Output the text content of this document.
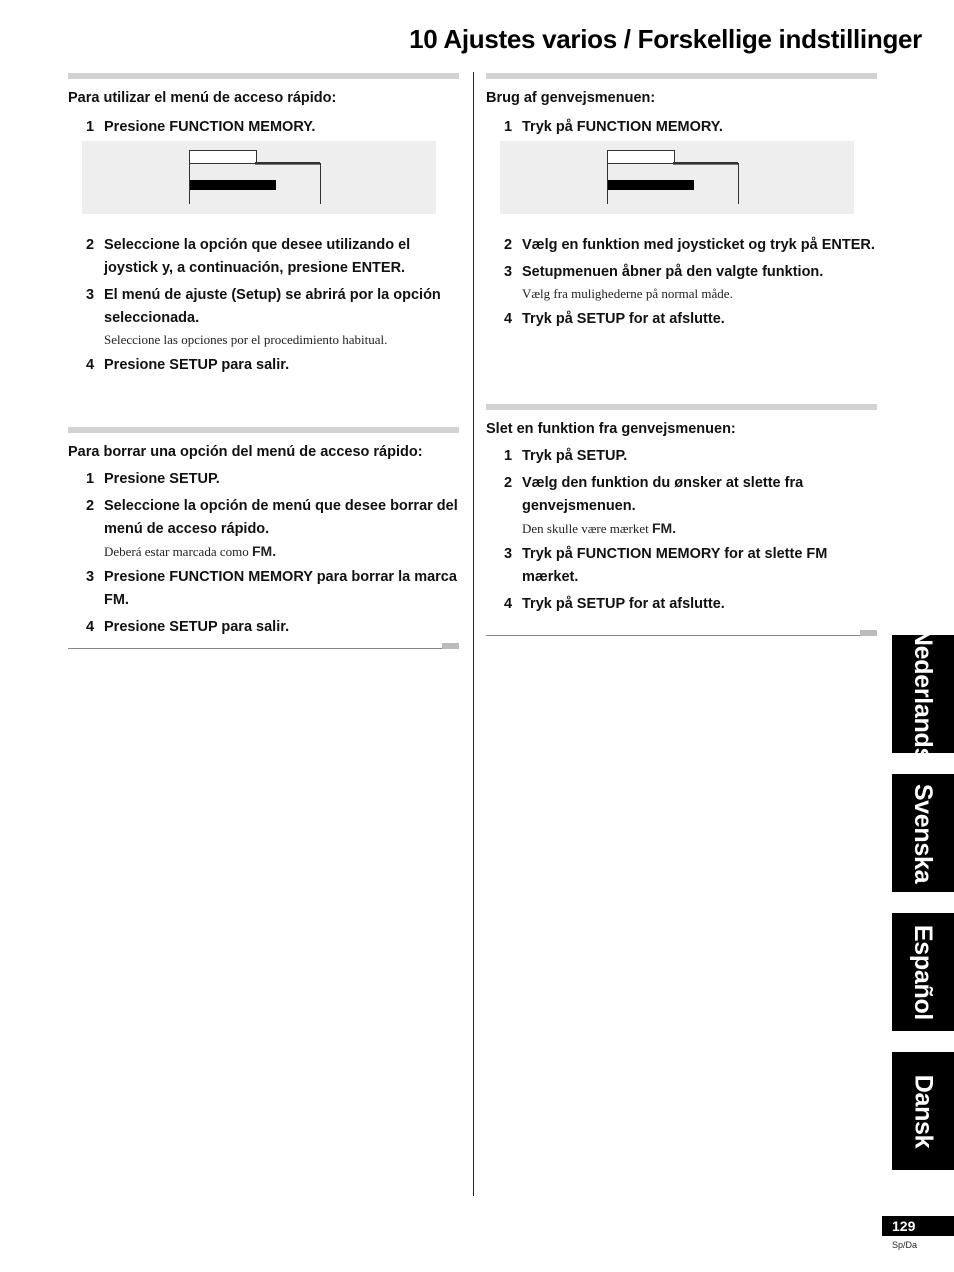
10 Ajustes varios / Forskellige indstillinger

Para utilizar el menú de acceso rápido:

1 Presione FUNCTION MEMORY.
2 Seleccione la opción que desee utilizando el joystick y, a continuación, presione ENTER.
3 El menú de ajuste (Setup) se abrirá por la opción seleccionada.
Seleccione las opciones por el procedimiento habitual.
4 Presione SETUP para salir.

Para borrar una opción del menú de acceso rápido:

1 Presione SETUP.
2 Seleccione la opción de menú que desee borrar del menú de acceso rápido.
Deberá estar marcada como FM.
3 Presione FUNCTION MEMORY para borrar la marca FM.
4 Presione SETUP para salir.

Brug af genvejsmenuen:

1 Tryk på FUNCTION MEMORY.
2 Vælg en funktion med joysticket og tryk på ENTER.
3 Setupmenuen åbner på den valgte funktion.
Vælg fra mulighederne på normal måde.
4 Tryk på SETUP for at afslutte.

Slet en funktion fra genvejsmenuen:

1 Tryk på SETUP.
2 Vælg den funktion du ønsker at slette fra genvejsmenuen.
Den skulle være mærket FM.
3 Tryk på FUNCTION MEMORY for at slette FM mærket.
4 Tryk på SETUP for at afslutte.
Nederlands
Svenska
Español
Dansk
129
Sp/Da
